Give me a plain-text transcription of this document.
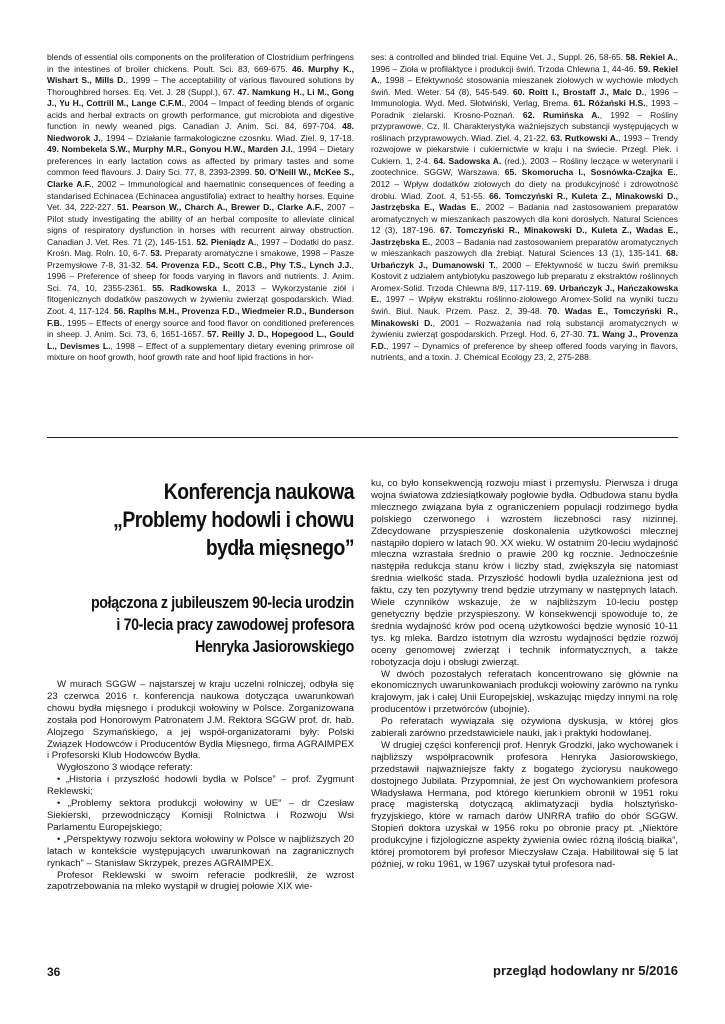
blends of essential oils components on the proliferation of Clostridium perfringens in the intestines of broiler chickens. Poult. Sci. 83, 669-675. 46. Murphy K., Wishart S., Mills D., 1999 – The acceptability of various flavoured solutions by Thoroughbred horses. Eq. Vet. J. 28 (Suppl.), 67. 47. Namkung H., Li M., Gong J., Yu H., Cottrill M., Lange C.F.M., 2004 – Impact of feeding blends of organic acids and herbal extracts on growth performance, gut microbiota and digestive function in newly weaned pigs. Canadian J. Anim. Sci. 84, 697-704. 48. Niedworok J., 1994 – Działanie farmakologiczne czosnku. Wiad. Ziel. 9, 17-18. 49. Nombekela S.W., Murphy M.R., Gonyou H.W., Marden J.I., 1994 – Dietary preferences in early lactation cows as affected by primary tastes and some common feed flavours. J. Dairy Sci. 77, 8, 2393-2399. 50. O’Neill W., McKee S., Clarke A.F., 2002 – Immunological and haematinic consequences of feeding a standarised Echinacea (Echinacea angustifolia) extract to healthy horses. Equine Vet. 34, 222-227. 51. Pearson W., Charch A., Brewer D., Clarke A.F., 2007 – Pilot study investigating the ability of an herbal composite to alleviate clinical signs of respiratory dysfunction in horses with recurrent airway obstruction. Canadian J. Vet. Res. 71 (2), 145-151. 52. Pieniądz A., 1997 – Dodatki do pasz. Krośn. Mag. Roln. 10, 6-7. 53. Preparaty aromatyczne i smakowe, 1998 – Pasze Przemysłowe 7-8, 31-32. 54. Provenza F.D., Scott C.B., Phy T.S., Lynch J.J., 1996 – Preference of sheep for foods varying in flavors and nutrients. J. Anim. Sci. 74, 10, 2355-2361. 55. Radkowska I., 2013 – Wykorzystanie ziół i fitogenicznych dodatków paszowych w żywieniu zwierząt gospodarskich. Wiad. Zoot. 4, 117-124. 56. Raplhs M.H., Provenza F.D., Wiedmeier R.D., Bunderson F.B., 1995 – Effects of energy source and food flavor on conditioned preferences in sheep. J. Anim. Sci. 73, 6, 1651-1657. 57. Reilly J. D., Hopegood L., Gould L., Devismes L., 1998 – Effect of a supplementary dietary evening primrose oil mixture on hoof growth, hoof growth rate and hoof lipid fractions in hor-
ses: a controlled and blinded trial. Equine Vet. J., Suppl. 26, 58-65. 58. Rekiel A., 1996 – Zioła w profilaktyce i produkcji świń. Trzoda Chlewna 1, 44-46. 59. Rekiel A., 1998 – Efektywność stosowania mieszanek ziołowych w wychowie młodych świń. Med. Weter. 54 (8), 545-549. 60. Roitt I., Brostaff J., Malc D., 1996 – Immunologia. Wyd. Med. Słotwiński, Verlag, Brema. 61. Różański H.S., 1993 – Poradnik zielarski. Krosno-Poznań. 62. Rumińska A., 1992 – Rośliny przyprawowe. Cz. II. Charakterystyka ważniejszych substancji występujących w roślinach przyprawowych. Wiad. Ziel. 4, 21-22. 63. Rutkowski A., 1993 – Trendy rozwojowe w piekarstwie i cukiernictwie w kraju i na świecie. Przegl. Piek. i Cukiern. 1, 2-4. 64. Sadowska A. (red.), 2003 – Rośliny leczące w weterynarii i zootechnice. SGGW, Warszawa. 65. Skomorucha I., Sosnówka-Czajka E., 2012 – Wpływ dodatków ziołowych do diety na produkcyjność i zdrowotność drobiu. Wiad. Zoot. 4, 51-55. 66. Tomczyński R., Kuleta Z., Minakowski D., Jastrzębska E., Wadas E., 2002 – Badania nad zastosowaniem preparatów aromatycznych w mieszankach paszowych dla koni dorosłych. Natural Sciences 12 (3), 187-196. 67. Tomczyński R., Minakowski D., Kuleta Z., Wadas E., Jastrzębska E., 2003 – Badania nad zastosowaniem preparatów aromatycznych w mieszankach paszowych dla źrebiąt. Natural Sciences 13 (1), 135-141. 68. Urbańczyk J., Dumanowski T., 2000 – Efektywność w tuczu świń premiksu Kostovit z udziałem antybiotyku paszowego lub preparatu z ekstraktów roślinnych Aromex-Solid. Trzoda Chlewna 8/9, 117-119. 69. Urbańczyk J., Hańczakowska E., 1997 – Wpływ ekstraktu roślinno-ziołowego Aromex-Solid na wyniki tuczu świń. Biul. Nauk. Przem. Pasz. 2, 39-48. 70. Wadas E., Tomczyński R., Minakowski D., 2001 – Rozważania nad rolą substancji aromatycznych w żywieniu zwierząt gospodarskich. Przegl. Hod. 6, 27-30. 71. Wang J., Provenza F.D., 1997 – Dynamics of preference by sheep offered foods varying in flavors, nutrients, and a toxin. J. Chemical Ecology 23, 2, 275-288.
Konferencja naukowa „Problemy hodowli i chowu bydła mięsnego”
połączona z jubileuszem 90-lecia urodzin i 70-lecia pracy zawodowej profesora Henryka Jasiorowskiego

W murach SGGW – najstarszej w kraju uczelni rolniczej, odbyła się 23 czerwca 2016 r. konferencja naukowa dotycząca uwarunkowań chowu bydła mięsnego i produkcji wołowiny w Polsce. Zorganizowana została pod Honorowym Patronatem J.M. Rektora SGGW prof. dr. hab. Alojzego Szymańskiego, a jej współ-organizatorami były: Polski Związek Hodowców i Producentów Bydła Mięsnego, firma AGRAIMPEX i Profesorski Klub Hodowców Bydła.

Wygłoszono 3 wiodące referaty:

• „Historia i przyszłość hodowli bydła w Polsce” – prof. Zygmunt Reklewski;

• „Problemy sektora produkcji wołowiny w UE” – dr Czesław Siekierski, przewodniczący Komisji Rolnictwa i Rozwoju Wsi Parlamentu Europejskiego;

• „Perspektywy rozwoju sektora wołowiny w Polsce w najbliższych 20 latach w kontekście występujących uwarunkowań na zagranicznych rynkach” – Stanisław Skrzypek, prezes AGRAIMPEX.

Profesor Reklewski w swoim referacie podkreślił, że wzrost zapotrzebowania na mleko wystąpił w drugiej połowie XIX wie-

ku, co było konsekwencją rozwoju miast i przemysłu. Pierwsza i druga wojna światowa zdziesiątkowały pogłowie bydła. Odbudowa stanu bydła mlecznego związana była z ograniczeniem populacji rodzimego bydła polskiego czerwonego i wzrostem liczebności rasy nizinnej. Zdecydowane przyspieszenie doskonalenia użytkowości mlecznej nastąpiło dopiero w latach 90. XX wieku. W ostatnim 20-leciu wydajność mleczna wzrastała średnio o prawie 200 kg rocznie. Jednocześnie następiła redukcja stanu krów i liczby stad, zwiększyła się natomiast średnia wielkość stada. Przyszłość hodowli bydła uzależniona jest od faktu, czy ten pozytywny trend będzie utrzymany w następnych latach. Wiele czynników wskazuje, że w najbliższym 10-leciu postęp genetyczny będzie przyspieszony. W konsekwencji spowoduje to, że średnia wydajność krów pod oceną użytkowości będzie wynosić 10-11 tys. kg mleka. Bardzo istotnym dla wzrostu wydajności będzie rozwój oceny genomowej zwierząt i technik informatycznych, a także robotyzacja doju i obsługi zwierząt.

W dwóch pozostałych referatach koncentrowano się głównie na ekonomicznych uwarunkowaniach produkcji wołowiny zarówno na rynku krajowym, jak i całej Unii Europejskiej, wskazując między innymi na rolę producentów i przetwórców (ubojnie).

Po referatach wywiązała się ożywiona dyskusja, w której głos zabierali zarówno przedstawiciele nauki, jak i praktyki hodowlanej.

W drugiej części konferencji prof. Henryk Grodzki, jako wychowanek i najbliższy współpracownik profesora Henryka Jasiorowskiego, przedstawił najważniejsze fakty z bogatego życiorysu naukowego dostojnego Jubilata. Przypomniał, że jest On wychowankiem profesora Władysława Hermana, pod którego kierunkiem obronił w 1951 roku pracę magisterską dotyczącą aklimatyzacji bydła holsztyńsko-fryzyjskiego, które w ramach darów UNRRA trafiło do obór SGGW. Stopień doktora uzyskał w 1956 roku po obronie pracy pt. „Niektóre produkcyjne i fizjologiczne aspekty żywienia owiec różną ilością białka”, której promotorem był profesor Mieczysław Czaja. Habilitował się 5 lat później, w roku 1961, w 1967 uzyskał tytuł profesora nad-

36	przegląd hodowlany nr 5/2016
